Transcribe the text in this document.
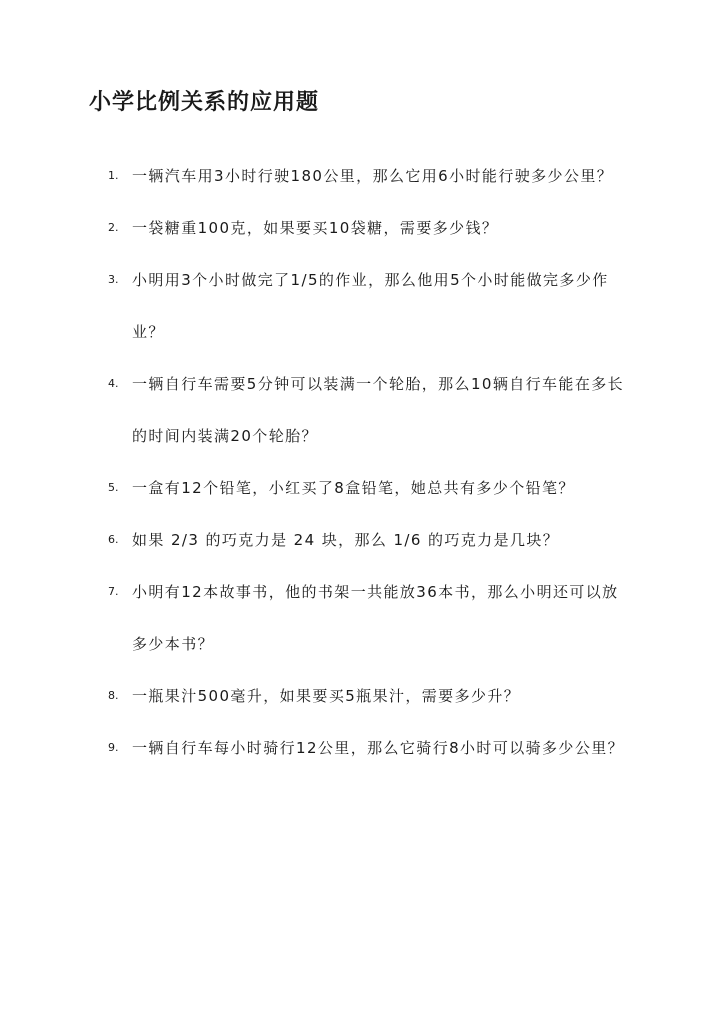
小学比例关系的应用题
1. 一辆汽车用3小时行驶180公里，那么它用6小时能行驶多少公里？
2. 一袋糖重100克，如果要买10袋糖，需要多少钱？
3. 小明用3个小时做完了1/5的作业，那么他用5个小时能做完多少作业？
4. 一辆自行车需要5分钟可以装满一个轮胎，那么10辆自行车能在多长的时间内装满20个轮胎？
5. 一盒有12个铅笔，小红买了8盒铅笔，她总共有多少个铅笔？
6. 如果 2/3 的巧克力是 24 块，那么 1/6 的巧克力是几块？
7. 小明有12本故事书，他的书架一共能放36本书，那么小明还可以放多少本书？
8. 一瓶果汁500毫升，如果要买5瓶果汁，需要多少升？
9. 一辆自行车每小时骑行12公里，那么它骑行8小时可以骑多少公里？
